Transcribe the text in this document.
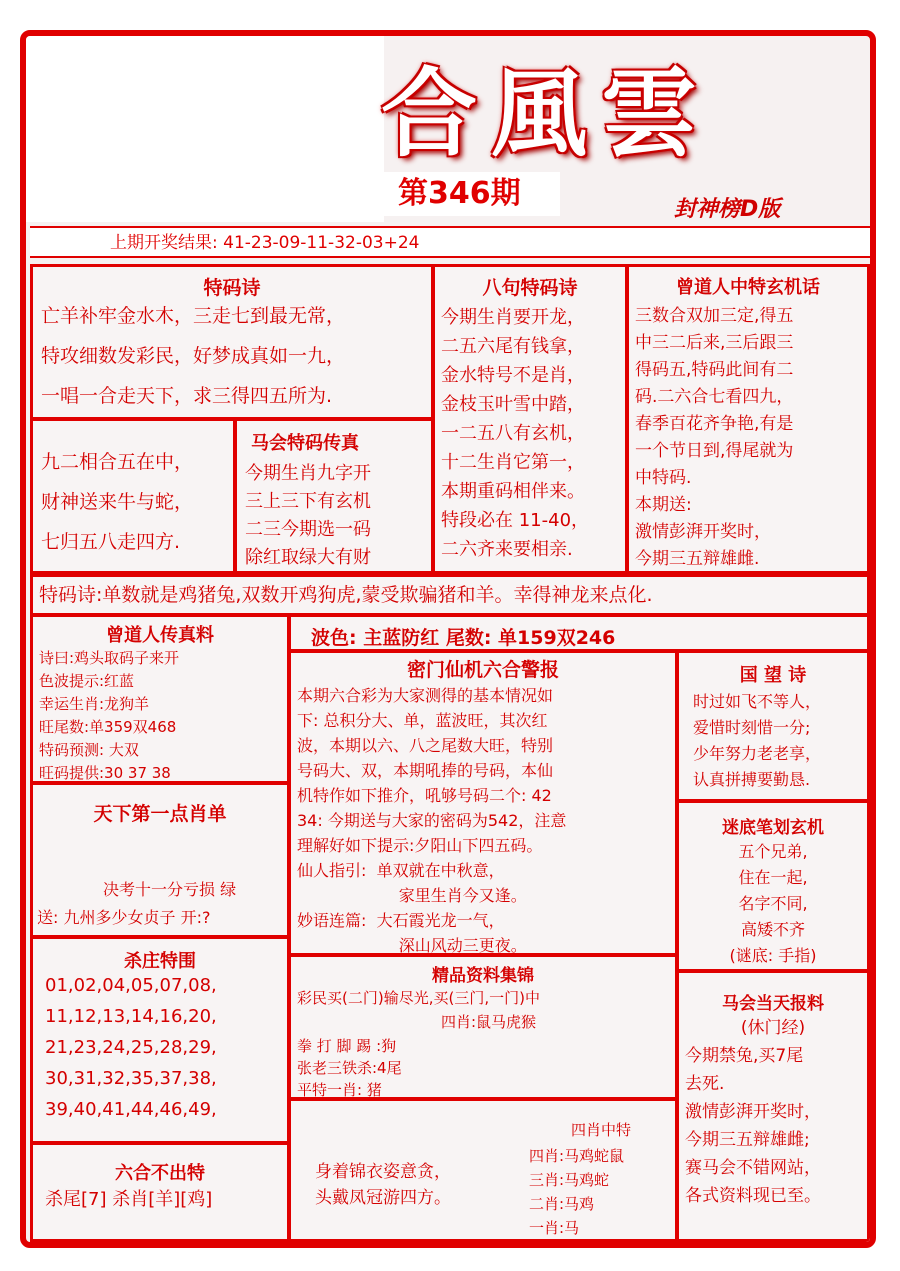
合風雲
第346期	封神榜D版
上期开奖结果: 41-23-09-11-32-03+24
特码诗
亡羊补牢金水木，三走七到最无常，
特攻细数发彩民，好梦成真如一九，
一唱一合走天下，求三得四五所为.
八句特码诗
今期生肖要开龙，
二五六尾有钱拿，
金水特号不是肖，
金枝玉叶雪中踏，
一二五八有玄机，
十二生肖它第一，
本期重码相伴来。
特段必在 11-40，
二六齐来要相亲.
曾道人中特玄机话
三数合双加三定,得五
中三二后来,三后跟三
得码五,特码此间有二
码.二六合七看四九，
春季百花齐争艳,有是
一个节日到,得尾就为
中特码.
本期送:
激情彭湃开奖时，
今期三五辩雄雌.
九二相合五在中，
财神送来牛与蛇，
七归五八走四方.
马会特码传真
今期生肖九字开
三上三下有玄机
二三今期选一码
除红取绿大有财
特码诗:单数就是鸡猪兔,双数开鸡狗虎,蒙受欺骗猪和羊。幸得神龙来点化.
曾道人传真料
诗曰:鸡头取码子来开
色波提示:红蓝
幸运生肖:龙狗羊
旺尾数:单359双468
特码预测: 大双
旺码提供:30 37 38
天下第一点肖单
决考十一分亏损 绿
送: 九州多少女贞子 开:?
杀庄特围
01,02,04,05,07,08,
11,12,13,14,16,20,
21,23,24,25,28,29,
30,31,32,35,37,38,
39,40,41,44,46,49,
六合不出特
杀尾[7] 杀肖[羊][鸡]
波色: 主蓝防红 尾数: 单159双246
密门仙机六合警报
本期六合彩为大家测得的基本情况如
下: 总积分大、单，蓝波旺，其次红
波，本期以六、八之尾数大旺，特别
号码大、双，本期吼捧的号码，本仙
机特作如下推介，吼够号码二个: 42
34: 今期送与大家的密码为542，注意
理解好如下提示:夕阳山下四五码。
仙人指引:  单双就在中秋意，
家里生肖今又逢。
妙语连篇:  大石霞光龙一气，
深山风动三更夜。
精品资料集锦
彩民买(二门)输尽光,买(三门,一门)中
四肖:鼠马虎猴
拳 打 脚 踢 :狗
张老三铁杀:4尾
平特一肖: 猪
身着锦衣姿意贪，
头戴凤冠游四方。
四肖中特
四肖:马鸡蛇鼠
三肖:马鸡蛇
二肖:马鸡
一肖:马
国 望 诗
时过如飞不等人，
爱惜时刻惜一分;
少年努力老老享，
认真拼搏要勤恳.
迷底笔划玄机
五个兄弟,
住在一起,
名字不同,
高矮不齐
(谜底: 手指)
马会当天报料
(休门经)
今期禁兔,买7尾
去死.
激情彭湃开奖时，
今期三五辩雄雌;
赛马会不错网站，
各式资料现已至。
